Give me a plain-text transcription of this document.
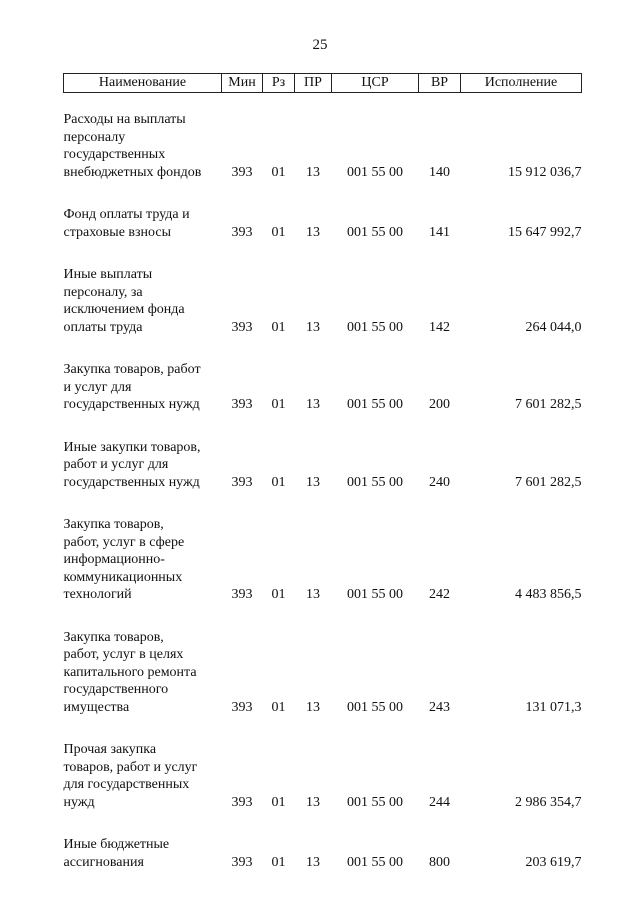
25
Наименование	Мин	Рз	ПР	ЦСР	ВР	Исполнение

Расходы на выплаты
персоналу
государственных
внебюджетных фондов	393	01	13	001 55 00	140	15 912 036,7

Фонд оплаты труда и
страховые взносы	393	01	13	001 55 00	141	15 647 992,7

Иные выплаты
персоналу, за
исключением фонда
оплаты труда	393	01	13	001 55 00	142	264 044,0

Закупка товаров, работ
и услуг для
государственных нужд	393	01	13	001 55 00	200	7 601 282,5

Иные закупки товаров,
работ и услуг для
государственных нужд	393	01	13	001 55 00	240	7 601 282,5

Закупка товаров,
работ, услуг в сфере
информационно-
коммуникационных
технологий	393	01	13	001 55 00	242	4 483 856,5

Закупка товаров,
работ, услуг в целях
капитального ремонта
государственного
имущества	393	01	13	001 55 00	243	131 071,3

Прочая закупка
товаров, работ и услуг
для государственных
нужд	393	01	13	001 55 00	244	2 986 354,7

Иные бюджетные
ассигнования	393	01	13	001 55 00	800	203 619,7
